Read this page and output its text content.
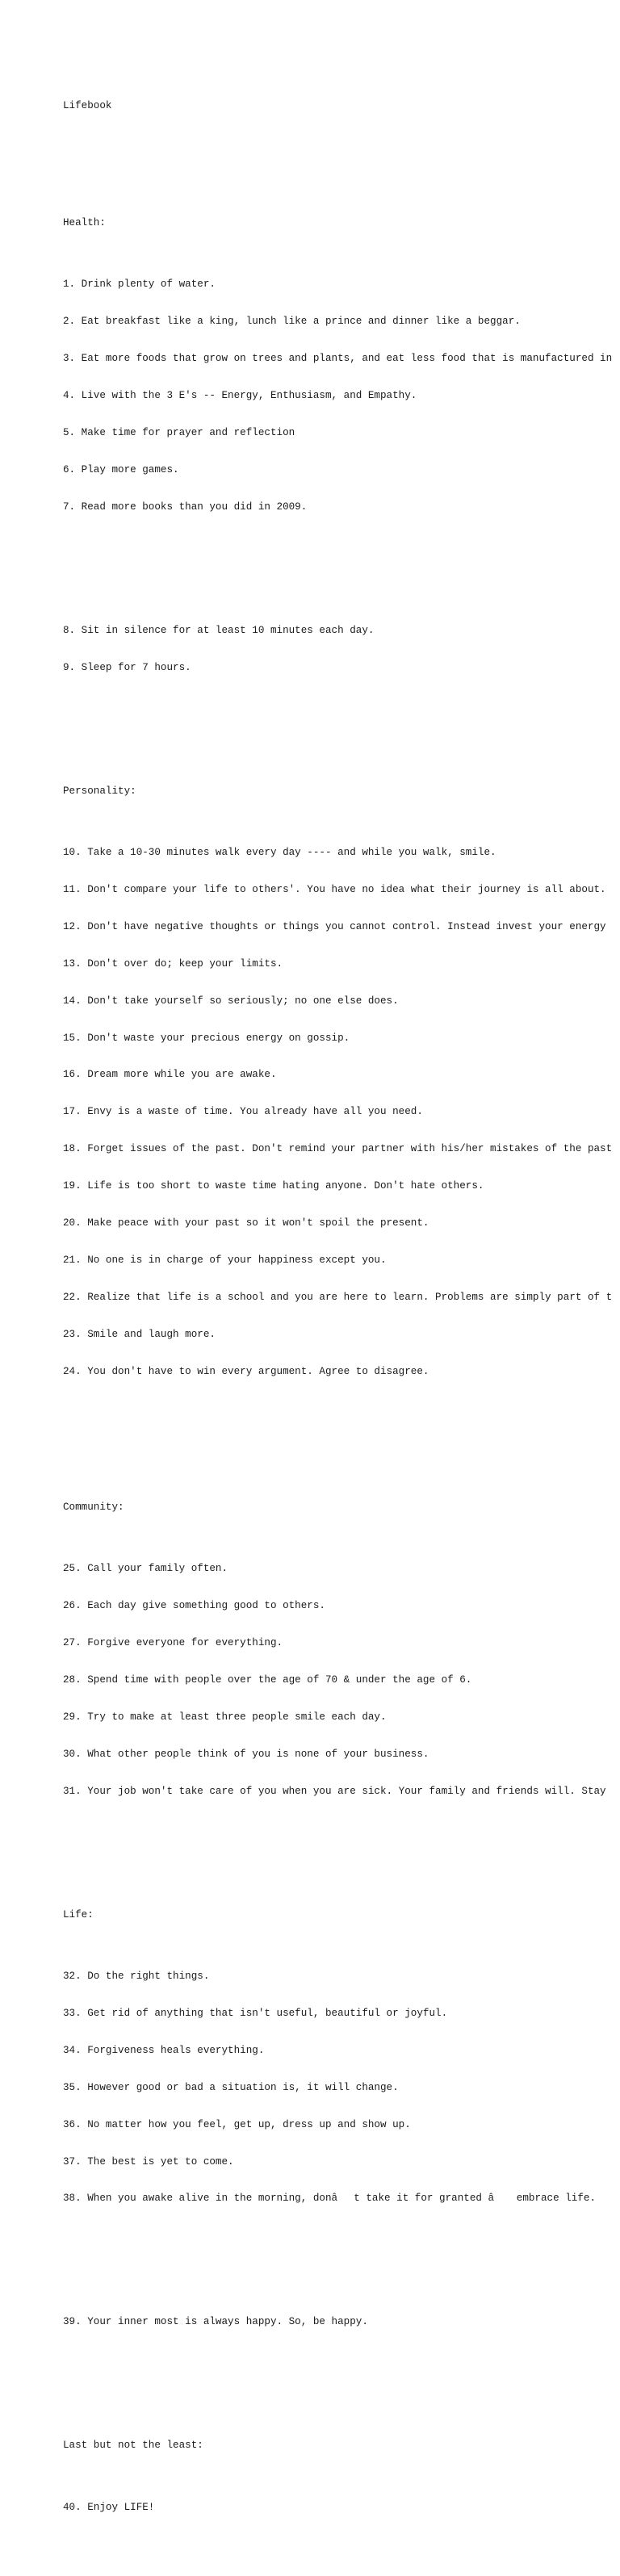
Lifebook

Health:

1. Drink plenty of water.

2. Eat breakfast like a king, lunch like a prince and dinner like a beggar.

3. Eat more foods that grow on trees and plants, and eat less food that is manufactured in

4. Live with the 3 E's -- Energy, Enthusiasm, and Empathy.

5. Make time for prayer and reflection

6. Play more games.

7. Read more books than you did in 2009.

8. Sit in silence for at least 10 minutes each day.

9. Sleep for 7 hours.

Personality:

10. Take a 10-30 minutes walk every day ---- and while you walk, smile.

11. Don't compare your life to others'. You have no idea what their journey is all about.

12. Don't have negative thoughts or things you cannot control. Instead invest your energy

13. Don't over do; keep your limits.

14. Don't take yourself so seriously; no one else does.

15. Don't waste your precious energy on gossip.

16. Dream more while you are awake.

17. Envy is a waste of time. You already have all you need.

18. Forget issues of the past. Don't remind your partner with his/her mistakes of the past

19. Life is too short to waste time hating anyone. Don't hate others.

20. Make peace with your past so it won't spoil the present.

21. No one is in charge of your happiness except you.

22. Realize that life is a school and you are here to learn. Problems are simply part of t

23. Smile and laugh more.

24. You don't have to win every argument. Agree to disagree.

Community:

25. Call your family often.

26. Each day give something good to others.

27. Forgive everyone for everything.

28. Spend time with people over the age of 70 & under the age of 6.

29. Try to make at least three people smile each day.

30. What other people think of you is none of your business.

31. Your job won't take care of you when you are sick. Your family and friends will. Stay

Life:

32. Do the right things.

33. Get rid of anything that isn't useful, beautiful or joyful.

34. Forgiveness heals everything.

35. However good or bad a situation is, it will change.

36. No matter how you feel, get up, dress up and show up.

37. The best is yet to come.

38. When you awake alive in the morning, donât take it for granted â embrace life.

39. Your inner most is always happy. So, be happy.

Last but not the least:

40. Enjoy LIFE!
